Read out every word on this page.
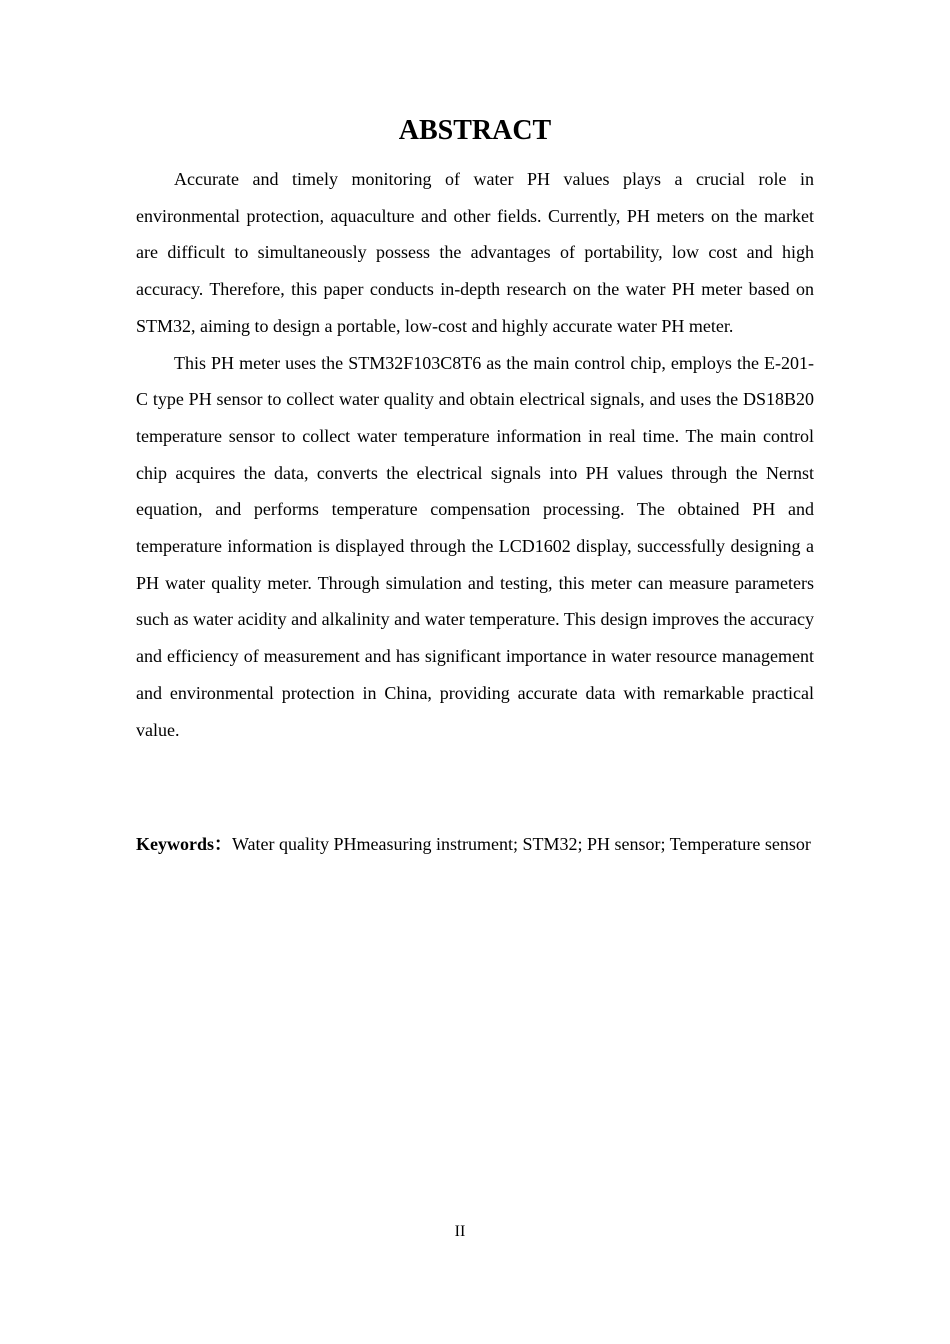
ABSTRACT

Accurate and timely monitoring of water PH values plays a crucial role in environmental protection, aquaculture and other fields. Currently, PH meters on the market are difficult to simultaneously possess the advantages of portability, low cost and high accuracy. Therefore, this paper conducts in-depth research on the water PH meter based on STM32, aiming to design a portable, low-cost and highly accurate water PH meter.

This PH meter uses the STM32F103C8T6 as the main control chip, employs the E-201-C type PH sensor to collect water quality and obtain electrical signals, and uses the DS18B20 temperature sensor to collect water temperature information in real time. The main control chip acquires the data, converts the electrical signals into PH values through the Nernst equation, and performs temperature compensation processing. The obtained PH and temperature information is displayed through the LCD1602 display, successfully designing a PH water quality meter. Through simulation and testing, this meter can measure parameters such as water acidity and alkalinity and water temperature. This design improves the accuracy and efficiency of measurement and has significant importance in water resource management and environmental protection in China, providing accurate data with remarkable practical value.

Keywords：Water quality PHmeasuring instrument; STM32; PH sensor; Temperature sensor

II
